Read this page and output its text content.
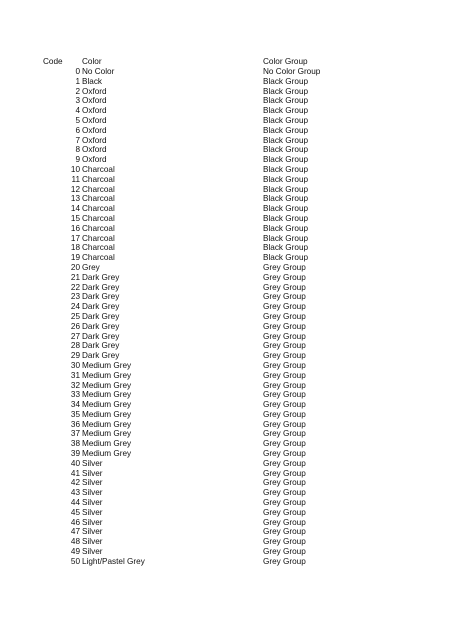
Code Color	Color Group
0 No Color	No Color Group
1 Black	Black Group
2 Oxford	Black Group
3 Oxford	Black Group
4 Oxford	Black Group
5 Oxford	Black Group
6 Oxford	Black Group
7 Oxford	Black Group
8 Oxford	Black Group
9 Oxford	Black Group
10 Charcoal	Black Group
11 Charcoal	Black Group
12 Charcoal	Black Group
13 Charcoal	Black Group
14 Charcoal	Black Group
15 Charcoal	Black Group
16 Charcoal	Black Group
17 Charcoal	Black Group
18 Charcoal	Black Group
19 Charcoal	Black Group
20 Grey	Grey Group
21 Dark Grey	Grey Group
22 Dark Grey	Grey Group
23 Dark Grey	Grey Group
24 Dark Grey	Grey Group
25 Dark Grey	Grey Group
26 Dark Grey	Grey Group
27 Dark Grey	Grey Group
28 Dark Grey	Grey Group
29 Dark Grey	Grey Group
30 Medium Grey	Grey Group
31 Medium Grey	Grey Group
32 Medium Grey	Grey Group
33 Medium Grey	Grey Group
34 Medium Grey	Grey Group
35 Medium Grey	Grey Group
36 Medium Grey	Grey Group
37 Medium Grey	Grey Group
38 Medium Grey	Grey Group
39 Medium Grey	Grey Group
40 Silver	Grey Group
41 Silver	Grey Group
42 Silver	Grey Group
43 Silver	Grey Group
44 Silver	Grey Group
45 Silver	Grey Group
46 Silver	Grey Group
47 Silver	Grey Group
48 Silver	Grey Group
49 Silver	Grey Group
50 Light/Pastel Grey	Grey Group
